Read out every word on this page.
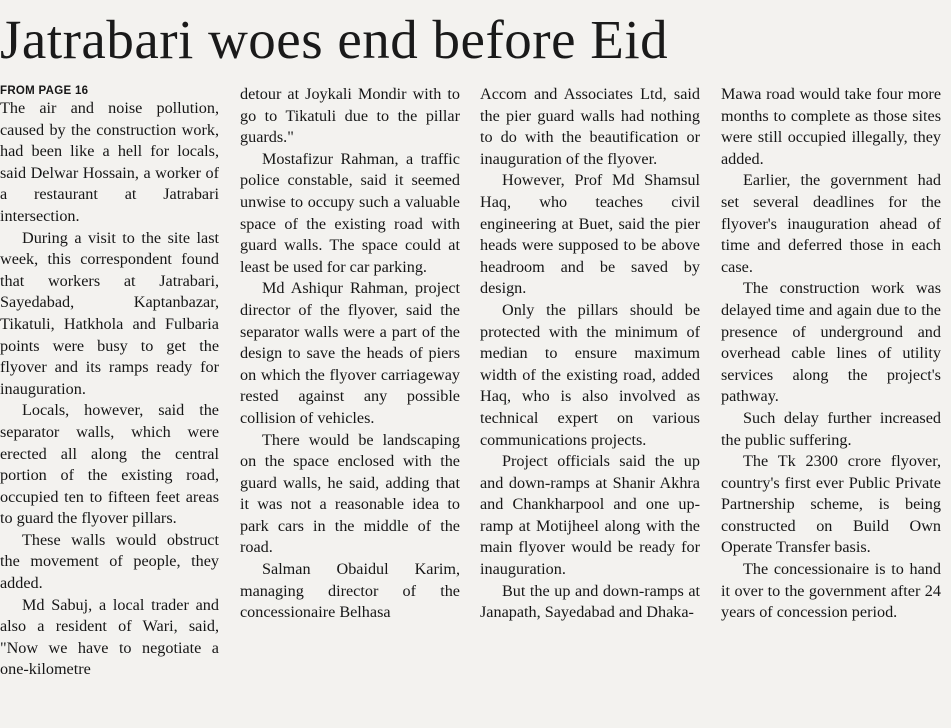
Jatrabari woes end before Eid
FROM PAGE 16

The air and noise pollution, caused by the construction work, had been like a hell for locals, said Delwar Hossain, a worker of a restaurant at Jatrabari intersection.

During a visit to the site last week, this correspondent found that workers at Jatrabari, Sayedabad, Kaptanbazar, Tikatuli, Hatkhola and Fulbaria points were busy to get the flyover and its ramps ready for inauguration.

Locals, however, said the separator walls, which were erected all along the central portion of the existing road, occupied ten to fifteen feet areas to guard the flyover pillars.

These walls would obstruct the movement of people, they added.

Md Sabuj, a local trader and also a resident of Wari, said, "Now we have to negotiate a one-kilometre

detour at Joykali Mondir with to go to Tikatuli due to the pillar guards."

Mostafizur Rahman, a traffic police constable, said it seemed unwise to occupy such a valuable space of the existing road with guard walls. The space could at least be used for car parking.

Md Ashiqur Rahman, project director of the flyover, said the separator walls were a part of the design to save the heads of piers on which the flyover carriageway rested against any possible collision of vehicles.

There would be landscaping on the space enclosed with the guard walls, he said, adding that it was not a reasonable idea to park cars in the middle of the road.

Salman Obaidul Karim, managing director of the concessionaire Belhasa

Accom and Associates Ltd, said the pier guard walls had nothing to do with the beautification or inauguration of the flyover.

However, Prof Md Shamsul Haq, who teaches civil engineering at Buet, said the pier heads were supposed to be above headroom and be saved by design.

Only the pillars should be protected with the minimum of median to ensure maximum width of the existing road, added Haq, who is also involved as technical expert on various communications projects.

Project officials said the up and down-ramps at Shanir Akhra and Chankharpool and one up-ramp at Motijheel along with the main flyover would be ready for inauguration.

But the up and down-ramps at Janapath, Sayedabad and Dhaka-

Mawa road would take four more months to complete as those sites were still occupied illegally, they added.

Earlier, the government had set several deadlines for the flyover's inauguration ahead of time and deferred those in each case.

The construction work was delayed time and again due to the presence of underground and overhead cable lines of utility services along the project's pathway.

Such delay further increased the public suffering.

The Tk 2300 crore flyover, country's first ever Public Private Partnership scheme, is being constructed on Build Own Operate Transfer basis.

The concessionaire is to hand it over to the government after 24 years of concession period.
